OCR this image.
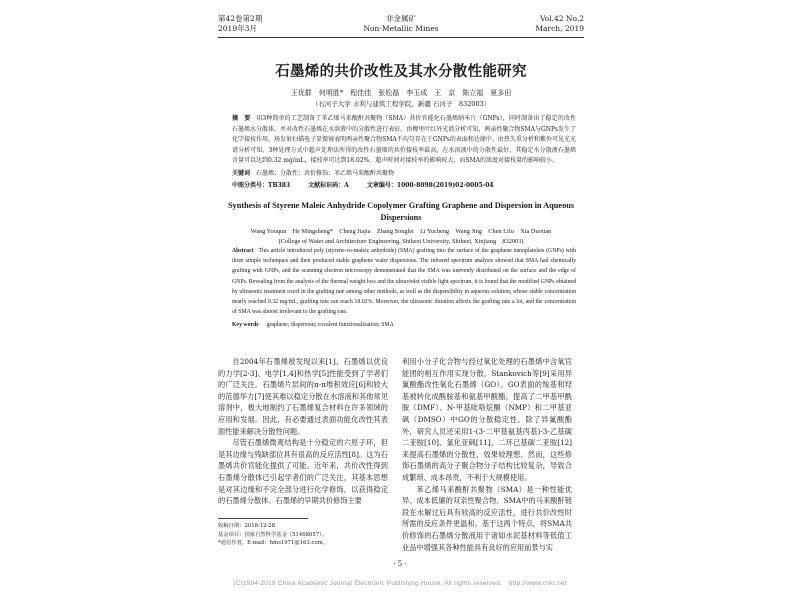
第42卷第2期
2019年3月
非金属矿
Non-Metallic Mines
Vol.42 No.2
March, 2019
石墨烯的共价改性及其水分散性能研究
王优群　何明胜*　程佳佳　张松磊　李玉成　王　京　陈立福　夏多田
（石河子大学 水利与建筑工程学院，新疆 石河子　832003）
摘　要 用3种简单的工艺制备了苯乙烯马来酸酐共聚物（SMA）共价官能化石墨烯纳米片（GNPs），同时制备出了稳定的改性石墨烯水分散体，并对改性石墨烯在水溶液中的分散性进行表征。由傅里叶红外光谱分析可知，两亲性聚合物SMA与GNPs发生了化学接枝作用，场发射扫描电子显微镜表明两亲性聚合物SMA不均匀存在于GNPs的表面和边缘中。由热失重分析和紫外可见光光谱分析可知，3种处理方式中超声处理法所得的改性石墨烯的共价接枝率最高，在水溶液中的分散性最好，其稳定水分散液石墨烯含量可以达到0.32 mg/mL，接枝率可达到18.02%。超声时间对接枝率的影响较大，而SMA的浓度对接枝量的影响较小。
关键词 石墨烯；分散性；共价修饰；苯乙烯马来酸酐共聚物
中图分类号：TB383	文献标识码：A	文章编号：1000-8098(2019)02-0005-04
Synthesis of Styrene Maleic Anhydride Copolymer Grafting Graphene and Dispersion in Aqueous Dispersions
Wang Youqun　He Mingsheng*　Cheng Jiajia　Zhang Songlei　Li Yucheng　Wang Jing　Chen Lifu　Xia Duotian
(College of Water and Architecture Engineering, Shihezi University, Shihezi, Xinjiang　832003)
Abstract This article introduced poly (styrene-co-maleic anhydride) (SMA) grafting into the surface of the graphene nanoplatelets (GNPs) with three simple techniques and then produced stable graphene water dispersions. The infrared spectrum analysis showed that SMA had chemically grafting with GNPs, and the scanning electron microscopy demonstrated that the SMA was unevenly distributed on the surface and the edge of GNPs. Revealing from the analysis of the thermal weight loss and the ultraviolet visible light spectrum, it is found that the modified GNPs obtained by ultrasonic treatment excel in the grafting rate among other methods, as well as the dispersibility in aqueous solution, whose stable concentration nearly reached 0.32 mg/mL, grafting rate can reach 18.02%. Moreover, the ultrasonic duration affects the grafting rate a lot, and the concentration of SMA was almost irrelevant to the grafting rate.
Key words graphene; dispersion; covalent functionalization; SMA

自2004年石墨烯被发现以来[1]，石墨烯以优良的力学[2-3]、电学[1,4]和热学[5]性能受到了学者们的广泛关注。石墨烯片层间的π-π堆积效应[6]和较大的范德华力[7]使其难以稳定分散在水溶液和其他常见溶剂中，极大地制约了石墨烯复合材料在许多领域的应用和发展。因此，有必要通过表面功能化改性其表面性能来解决分散性问题。

尽管石墨烯微观结构是十分稳定的六原子环，但是其边缘与残缺部位具有很高的反应活性[8]。这为石墨烯共价官能化提供了可能。近年来，共价改性得到石墨烯分散体已引起学者们的广泛关注，其基本思想是对其边缘和不完全部分进行化学修饰，以获得稳定的石墨烯分散体。石墨烯的早期共价修饰主要

利用小分子化合物与经过氧化处理的石墨烯中含氧官能团的相互作用实现分散。Stankovich等[9]采用异氰酸酯改性氧化石墨烯（GO）。GO表面的羧基和羟基被转化成酰胺基和氨基甲酸酯，提高了二甲基甲酰胺（DMF）、N-甲基吡咯烷酮（NMP）和二甲基亚砜（DMSO）中GO的分散稳定性。除了异氰酸酯外，研究人员还采用1-(3-二甲基氨基丙基)-3-乙基碳二亚胺[10]、氯化亚砜[11]、二环己基碳二亚胺[12]来提高石墨烯的分散性，效果较理想。然而，这些修饰石墨烯的高分子聚合物分子结构比较复杂，导致合成繁琐、成本昂贵，不利于大规模使用。

苯乙烯马来酸酐共聚物（SMA）是一种性能优异、成本低廉的双亲性聚合物。SMA中的马来酸酐链段在水解过后具有较高的反应活性，进行共价改性时所需的反应条件更温和。基于这两个特点，将SMA共价修饰的石墨烯分散液用于诸如水泥基材料等低值工业品中增强其各种性能具有良好的应用前景与实

收稿日期：2018-12-28
基金项目：国家自然科学基金（51468057）。
*通信作者，E-mail：hms1971@163.com。
· 5 ·
(C)1994-2019 China Academic Journal Electronic Publishing House. All rights reserved.　http://www.cnki.net
